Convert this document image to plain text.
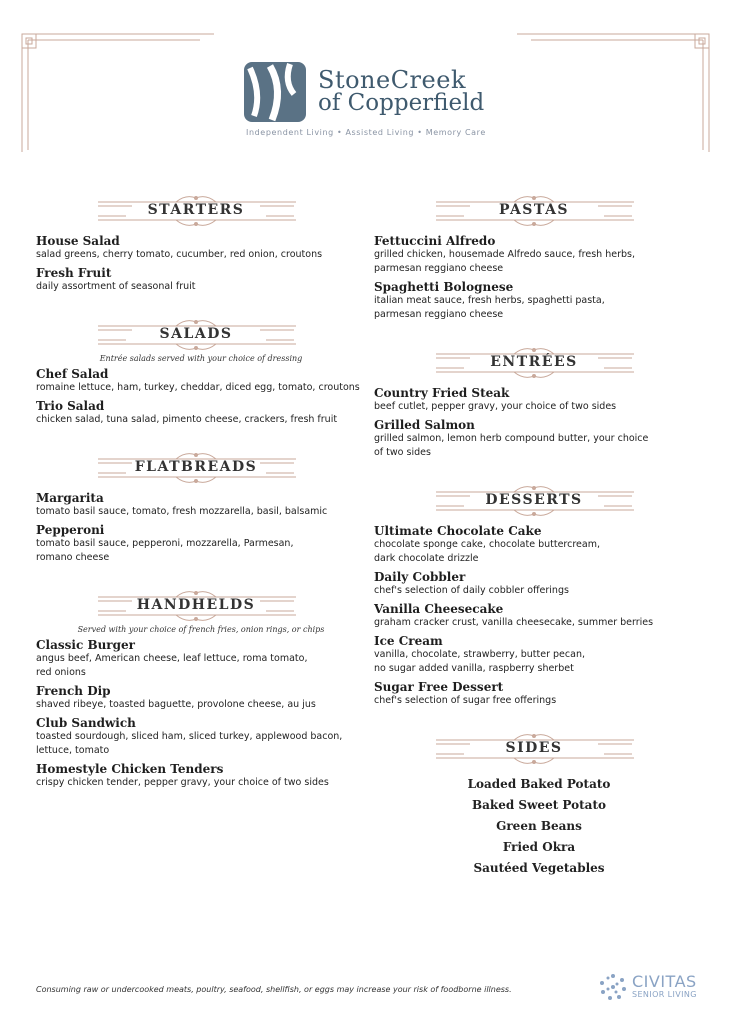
StoneCreek
of Copperfield
Independent Living • Assisted Living • Memory Care
STARTERS
House Salad
salad greens, cherry tomato, cucumber, red onion, croutons
Fresh Fruit
daily assortment of seasonal fruit
SALADS
Entrée salads served with your choice of dressing
Chef Salad
romaine lettuce, ham, turkey, cheddar, diced egg, tomato, croutons
Trio Salad
chicken salad, tuna salad, pimento cheese, crackers, fresh fruit
FLATBREADS
Margarita
tomato basil sauce, tomato, fresh mozzarella, basil, balsamic
Pepperoni
tomato basil sauce, pepperoni, mozzarella, Parmesan,
romano cheese
HANDHELDS
Served with your choice of french fries, onion rings, or chips
Classic Burger
angus beef, American cheese, leaf lettuce, roma tomato,
red onions
French Dip
shaved ribeye, toasted baguette, provolone cheese, au jus
Club Sandwich
toasted sourdough, sliced ham, sliced turkey, applewood bacon,
lettuce, tomato
Homestyle Chicken Tenders
crispy chicken tender, pepper gravy, your choice of two sides
PASTAS
Fettuccini Alfredo
grilled chicken, housemade Alfredo sauce, fresh herbs,
parmesan reggiano cheese
Spaghetti Bolognese
italian meat sauce, fresh herbs, spaghetti pasta,
parmesan reggiano cheese
ENTRÉES
Country Fried Steak
beef cutlet, pepper gravy, your choice of two sides
Grilled Salmon
grilled salmon, lemon herb compound butter, your choice
of two sides
DESSERTS
Ultimate Chocolate Cake
chocolate sponge cake, chocolate buttercream,
dark chocolate drizzle
Daily Cobbler
chef's selection of daily cobbler offerings
Vanilla Cheesecake
graham cracker crust, vanilla cheesecake, summer berries
Ice Cream
vanilla, chocolate, strawberry, butter pecan,
no sugar added vanilla, raspberry sherbet
Sugar Free Dessert
chef's selection of sugar free offerings
SIDES
Loaded Baked Potato
Baked Sweet Potato
Green Beans
Fried Okra
Sautéed Vegetables
Consuming raw or undercooked meats, poultry, seafood, shellfish, or eggs may increase your risk of foodborne illness.	CIVITAS
SENIOR LIVING
